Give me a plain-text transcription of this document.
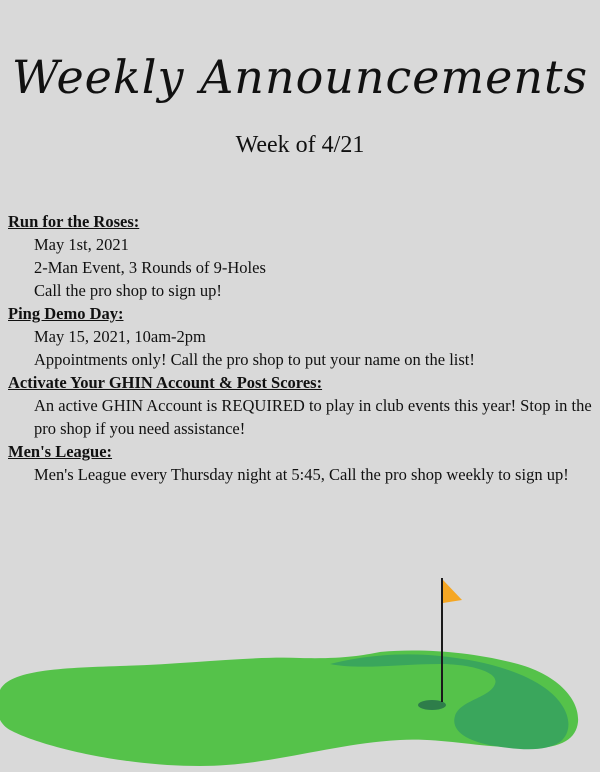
Weekly Announcements
Week of 4/21

Run for the Roses:

May 1st, 2021

2-Man Event, 3 Rounds of 9-Holes

Call the pro shop to sign up!

Ping Demo Day:

May 15, 2021, 10am-2pm

Appointments only! Call the pro shop to put your name on the list!

Activate Your GHIN Account & Post Scores:

An active GHIN Account is REQUIRED to play in club events this year! Stop in the pro shop if you need assistance!

Men's League:

Men's League every Thursday night at 5:45, Call the pro shop weekly to sign up!
